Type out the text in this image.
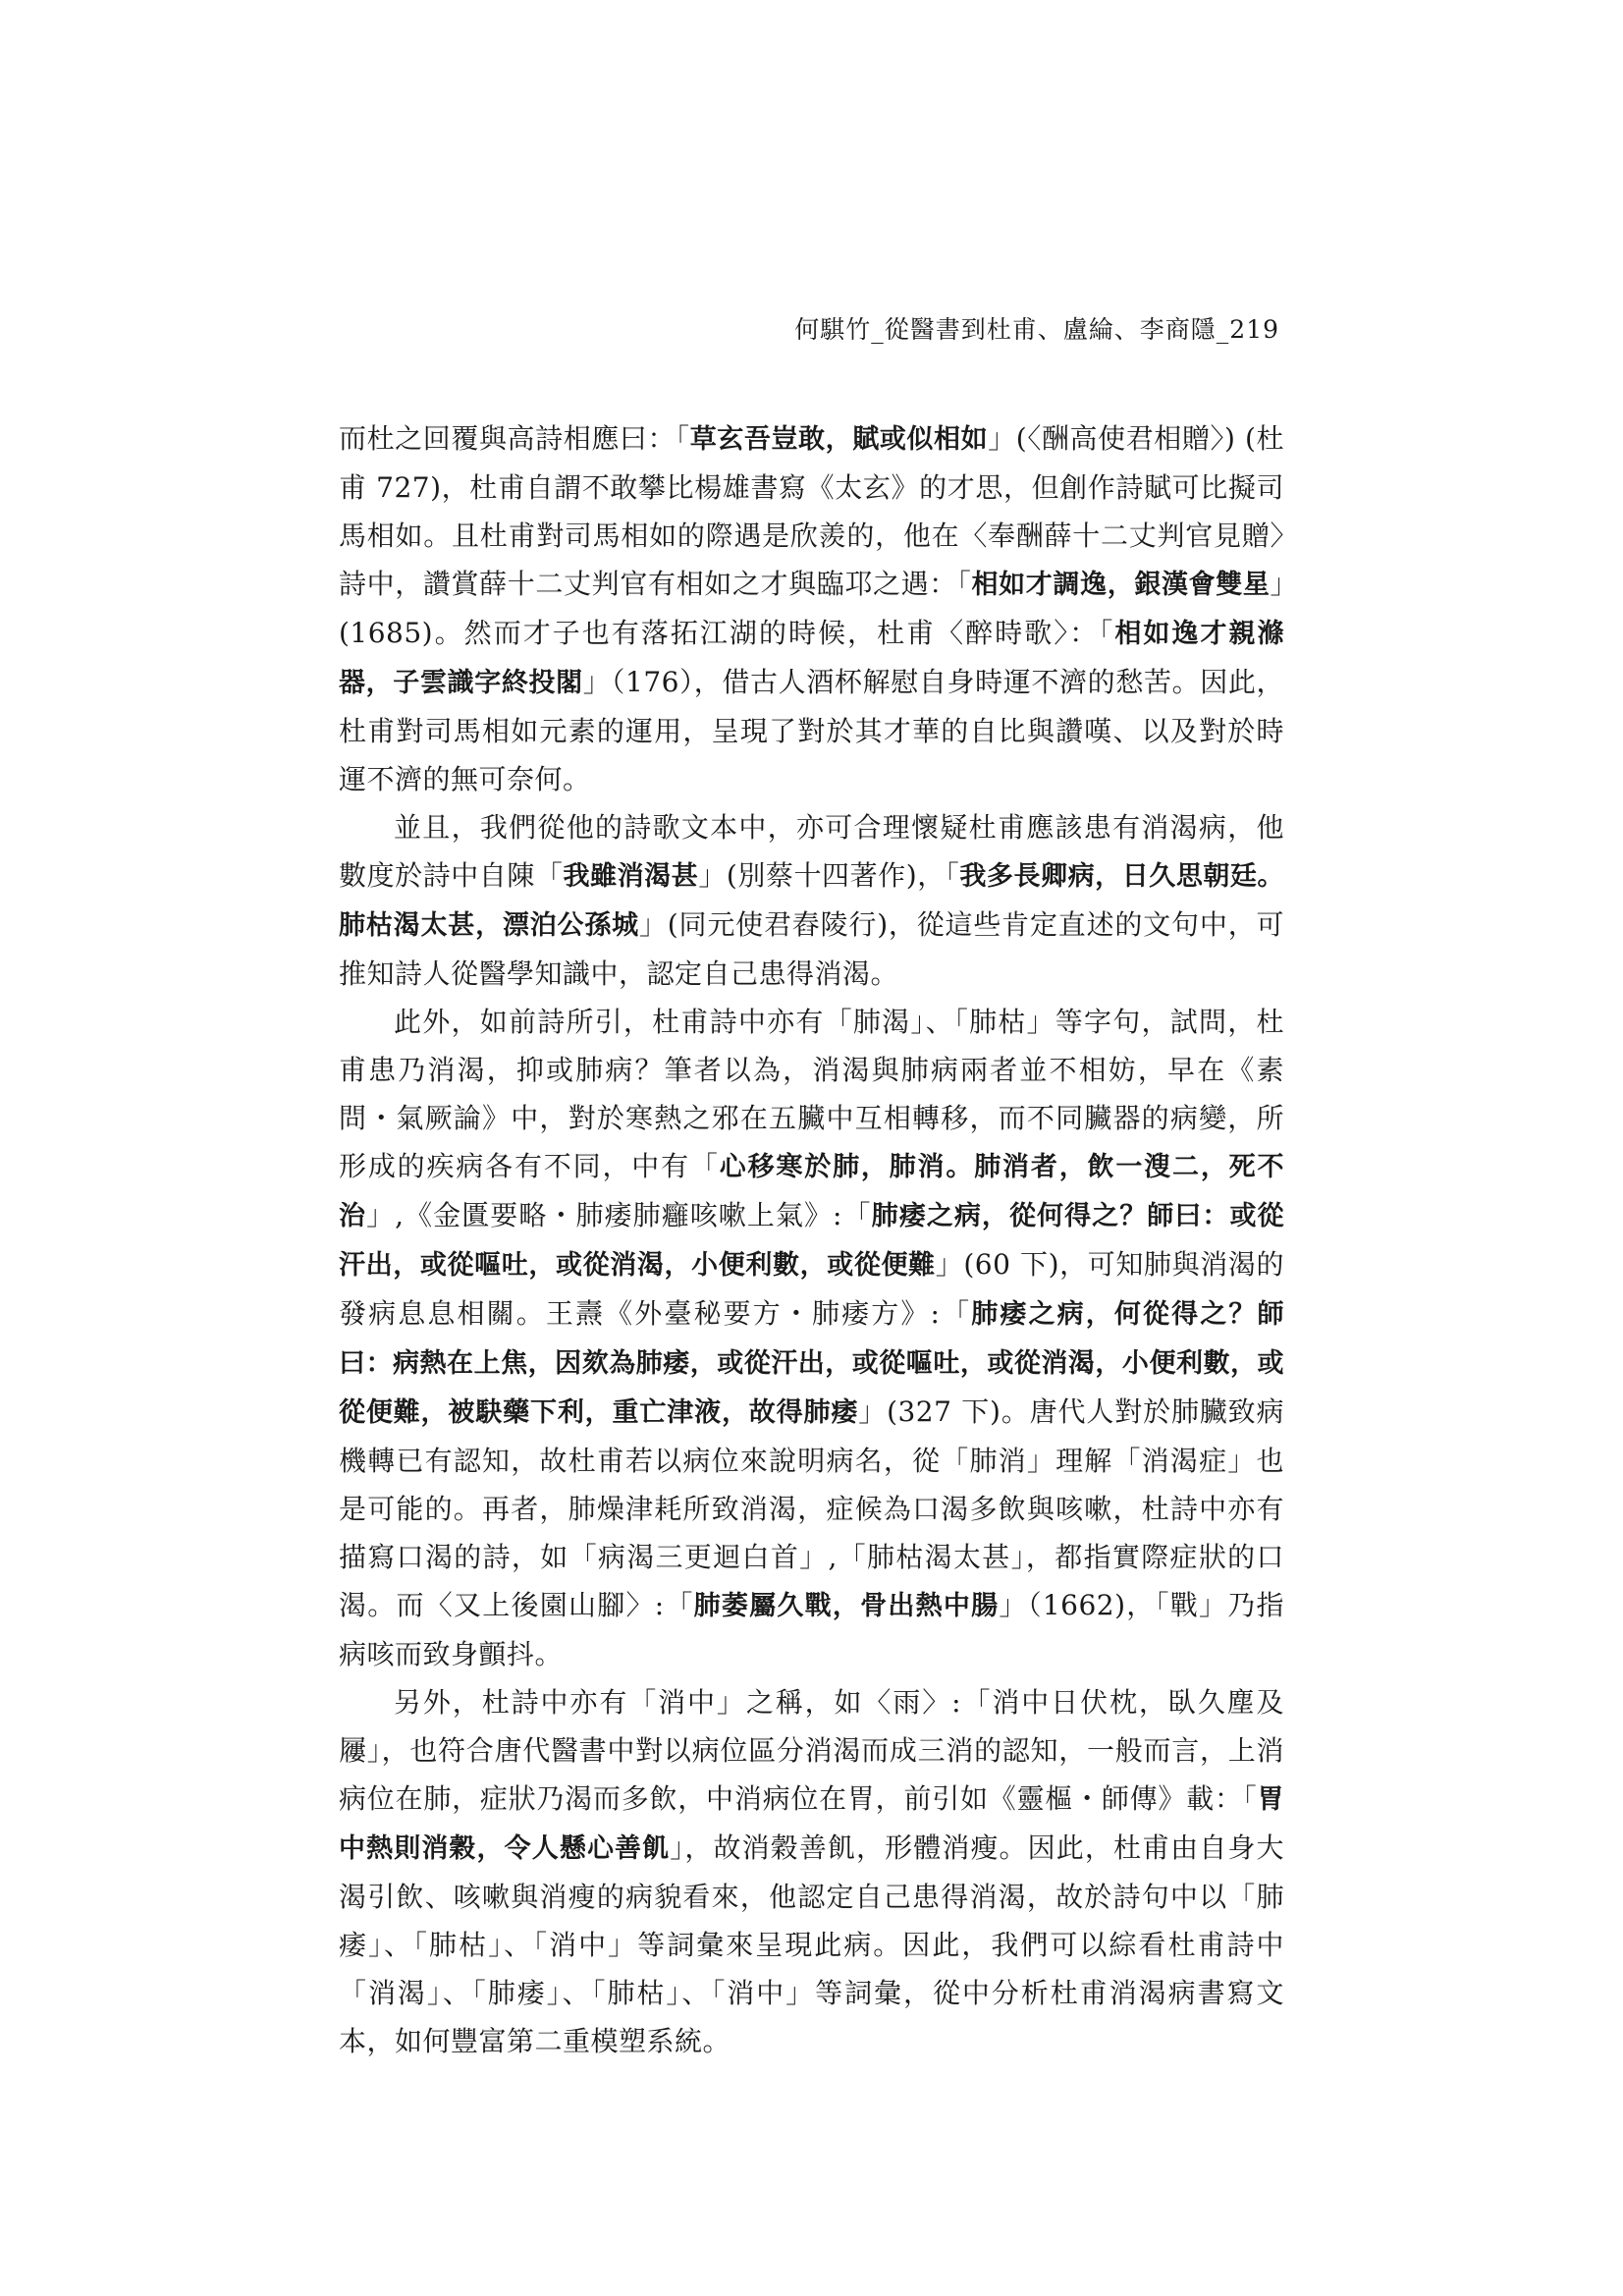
何騏竹_從醫書到杜甫、盧綸、李商隱_219

而杜之回覆與高詩相應曰：「草玄吾豈敢，賦或似相如」(〈酬高使君相贈〉) (杜甫 727)，杜甫自謂不敢攀比楊雄書寫《太玄》的才思，但創作詩賦可比擬司馬相如。且杜甫對司馬相如的際遇是欣羨的，他在〈奉酬薛十二丈判官見贈〉詩中，讚賞薛十二丈判官有相如之才與臨邛之遇：「相如才調逸，銀漢會雙星」(1685)。然而才子也有落拓江湖的時候，杜甫〈醉時歌〉：「相如逸才親滌器，子雲識字終投閣」（176），借古人酒杯解慰自身時運不濟的愁苦。因此，杜甫對司馬相如元素的運用，呈現了對於其才華的自比與讚嘆、以及對於時運不濟的無可奈何。

並且，我們從他的詩歌文本中，亦可合理懷疑杜甫應該患有消渴病，他數度於詩中自陳「我雖消渴甚」(別蔡十四著作)，「我多長卿病，日久思朝廷。肺枯渴太甚，漂泊公孫城」(同元使君舂陵行)，從這些肯定直述的文句中，可推知詩人從醫學知識中，認定自己患得消渴。

此外，如前詩所引，杜甫詩中亦有「肺渴」、「肺枯」等字句，試問，杜甫患乃消渴，抑或肺病？筆者以為，消渴與肺病兩者並不相妨，早在《素問・氣厥論》中，對於寒熱之邪在五臟中互相轉移，而不同臟器的病變，所形成的疾病各有不同，中有「心移寒於肺，肺消。肺消者，飲一溲二，死不治」,《金匱要略・肺痿肺癰咳嗽上氣》:「肺痿之病，從何得之？師曰：或從汗出，或從嘔吐，或從消渴，小便利數，或從便難」(60 下)，可知肺與消渴的發病息息相關。王燾《外臺秘要方・肺痿方》:「肺痿之病，何從得之？師曰：病熱在上焦，因欬為肺痿，或從汗出，或從嘔吐，或從消渴，小便利數，或從便難，被駃藥下利，重亡津液，故得肺痿」(327 下)。唐代人對於肺臟致病機轉已有認知，故杜甫若以病位來說明病名，從「肺消」理解「消渴症」也是可能的。再者，肺燥津耗所致消渴，症候為口渴多飲與咳嗽，杜詩中亦有描寫口渴的詩，如「病渴三更迴白首」,「肺枯渴太甚」，都指實際症狀的口渴。而〈又上後園山腳〉:「肺萎屬久戰，骨出熱中腸」（1662)，「戰」乃指病咳而致身顫抖。

另外，杜詩中亦有「消中」之稱，如〈雨〉:「消中日伏枕，臥久塵及屨」，也符合唐代醫書中對以病位區分消渴而成三消的認知，一般而言，上消病位在肺，症狀乃渴而多飲，中消病位在胃，前引如《靈樞・師傳》載：「胃中熱則消穀，令人懸心善飢」，故消穀善飢，形體消瘦。因此，杜甫由自身大渴引飲、咳嗽與消瘦的病貌看來，他認定自己患得消渴，故於詩句中以「肺痿」、「肺枯」、「消中」等詞彙來呈現此病。因此，我們可以綜看杜甫詩中「消渴」、「肺痿」、「肺枯」、「消中」等詞彙，從中分析杜甫消渴病書寫文本，如何豐富第二重模塑系統。
